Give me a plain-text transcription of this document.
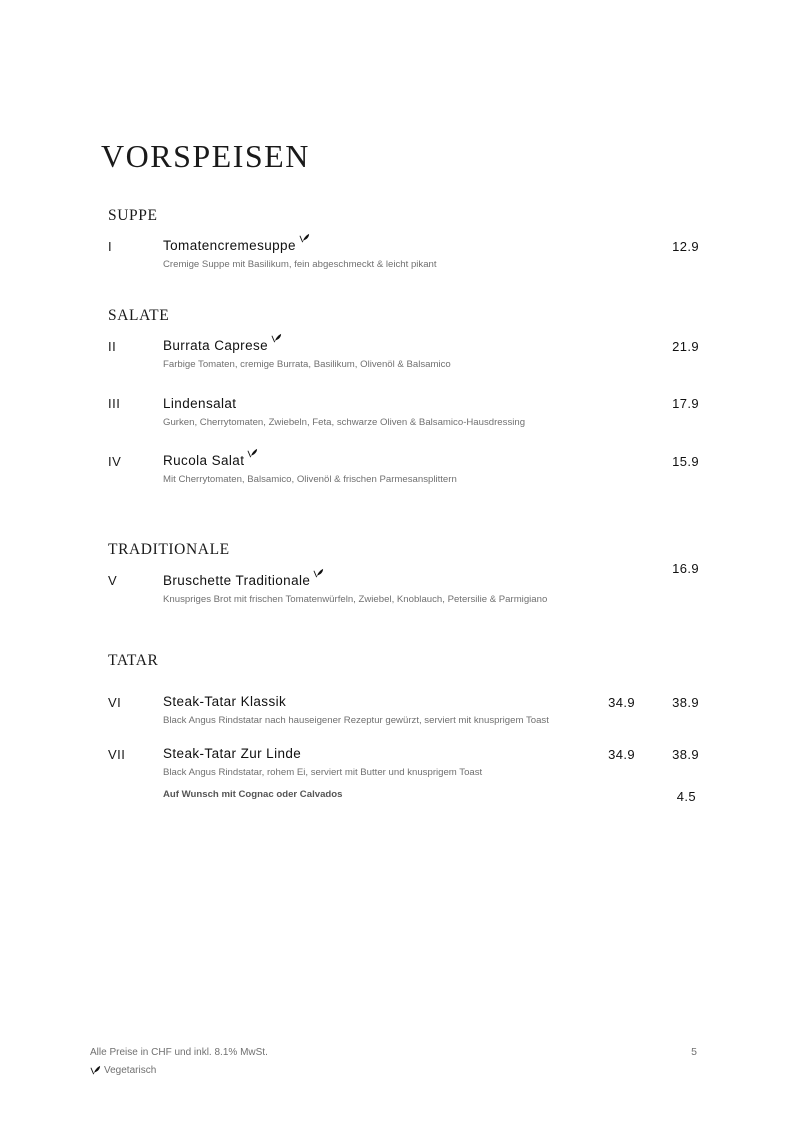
VORSPEISEN
SUPPE
I	Tomatencremesuppe
Cremige Suppe mit Basilikum, fein abgeschmeckt & leicht pikant
12.9
SALATE
II	Burrata Caprese
Farbige Tomaten, cremige Burrata, Basilikum, Olivenöl & Balsamico
21.9
III	Lindensalat
Gurken, Cherrytomaten, Zwiebeln, Feta, schwarze Oliven & Balsamico-Hausdressing
17.9
IV	Rucola Salat
Mit Cherrytomaten, Balsamico, Olivenöl & frischen Parmesansplittern
15.9
TRADITIONALE
V	Bruschette Traditionale
Knuspriges Brot mit frischen Tomatenwürfeln, Zwiebel, Knoblauch, Petersilie & Parmigiano
16.9
TATAR
VI	Steak-Tatar Klassik
Black Angus Rindstatar nach hauseigener Rezeptur gewürzt, serviert mit knusprigem Toast
34.9	38.9
VII	Steak-Tatar Zur Linde
Black Angus Rindstatar, rohem Ei, serviert mit Butter und knusprigem Toast
34.9	38.9
Auf Wunsch mit Cognac oder Calvados	4.5
Alle Preise in CHF und inkl. 8.1% MwSt.
Vegetarisch
5
